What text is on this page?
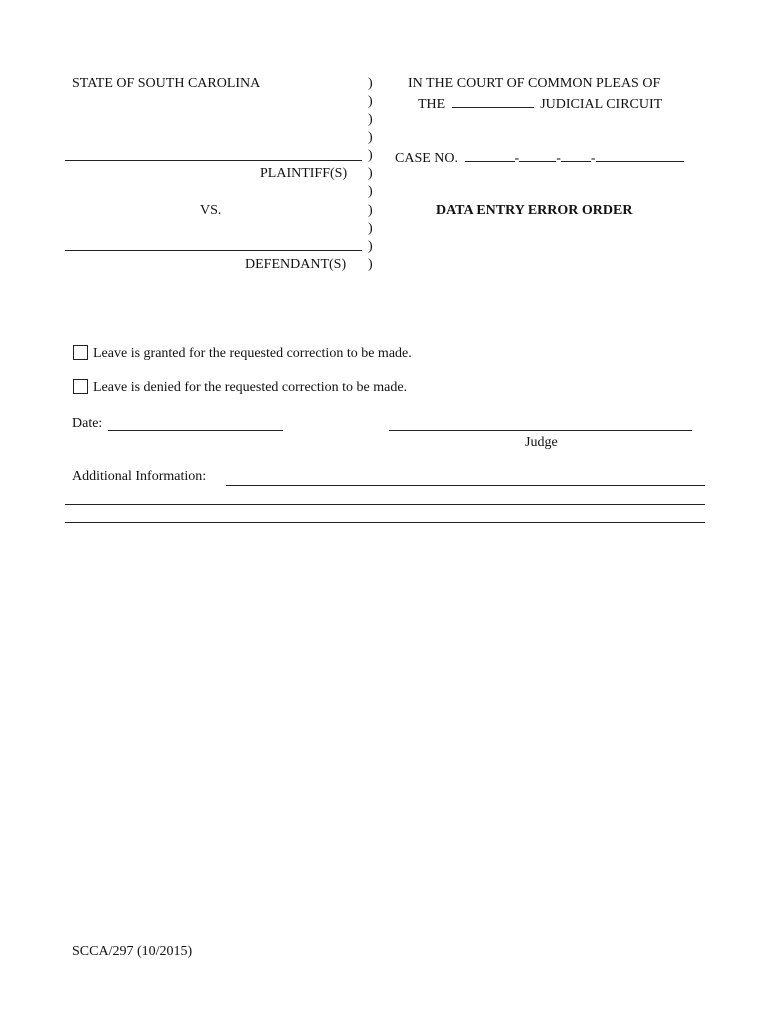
STATE OF SOUTH CAROLINA
PLAINTIFF(S)
VS.
DEFENDANT(S)
)
)
)
)
)
)
)
)
)
)
)
IN THE COURT OF COMMON PLEAS OF
THE	JUDICIAL CIRCUIT
CASE NO.	-	- -
DATA ENTRY ERROR ORDER
Leave is granted for the requested correction to be made.
Leave is denied for the requested correction to be made.
Date:
Judge
Additional Information:
SCCA/297 (10/2015)
